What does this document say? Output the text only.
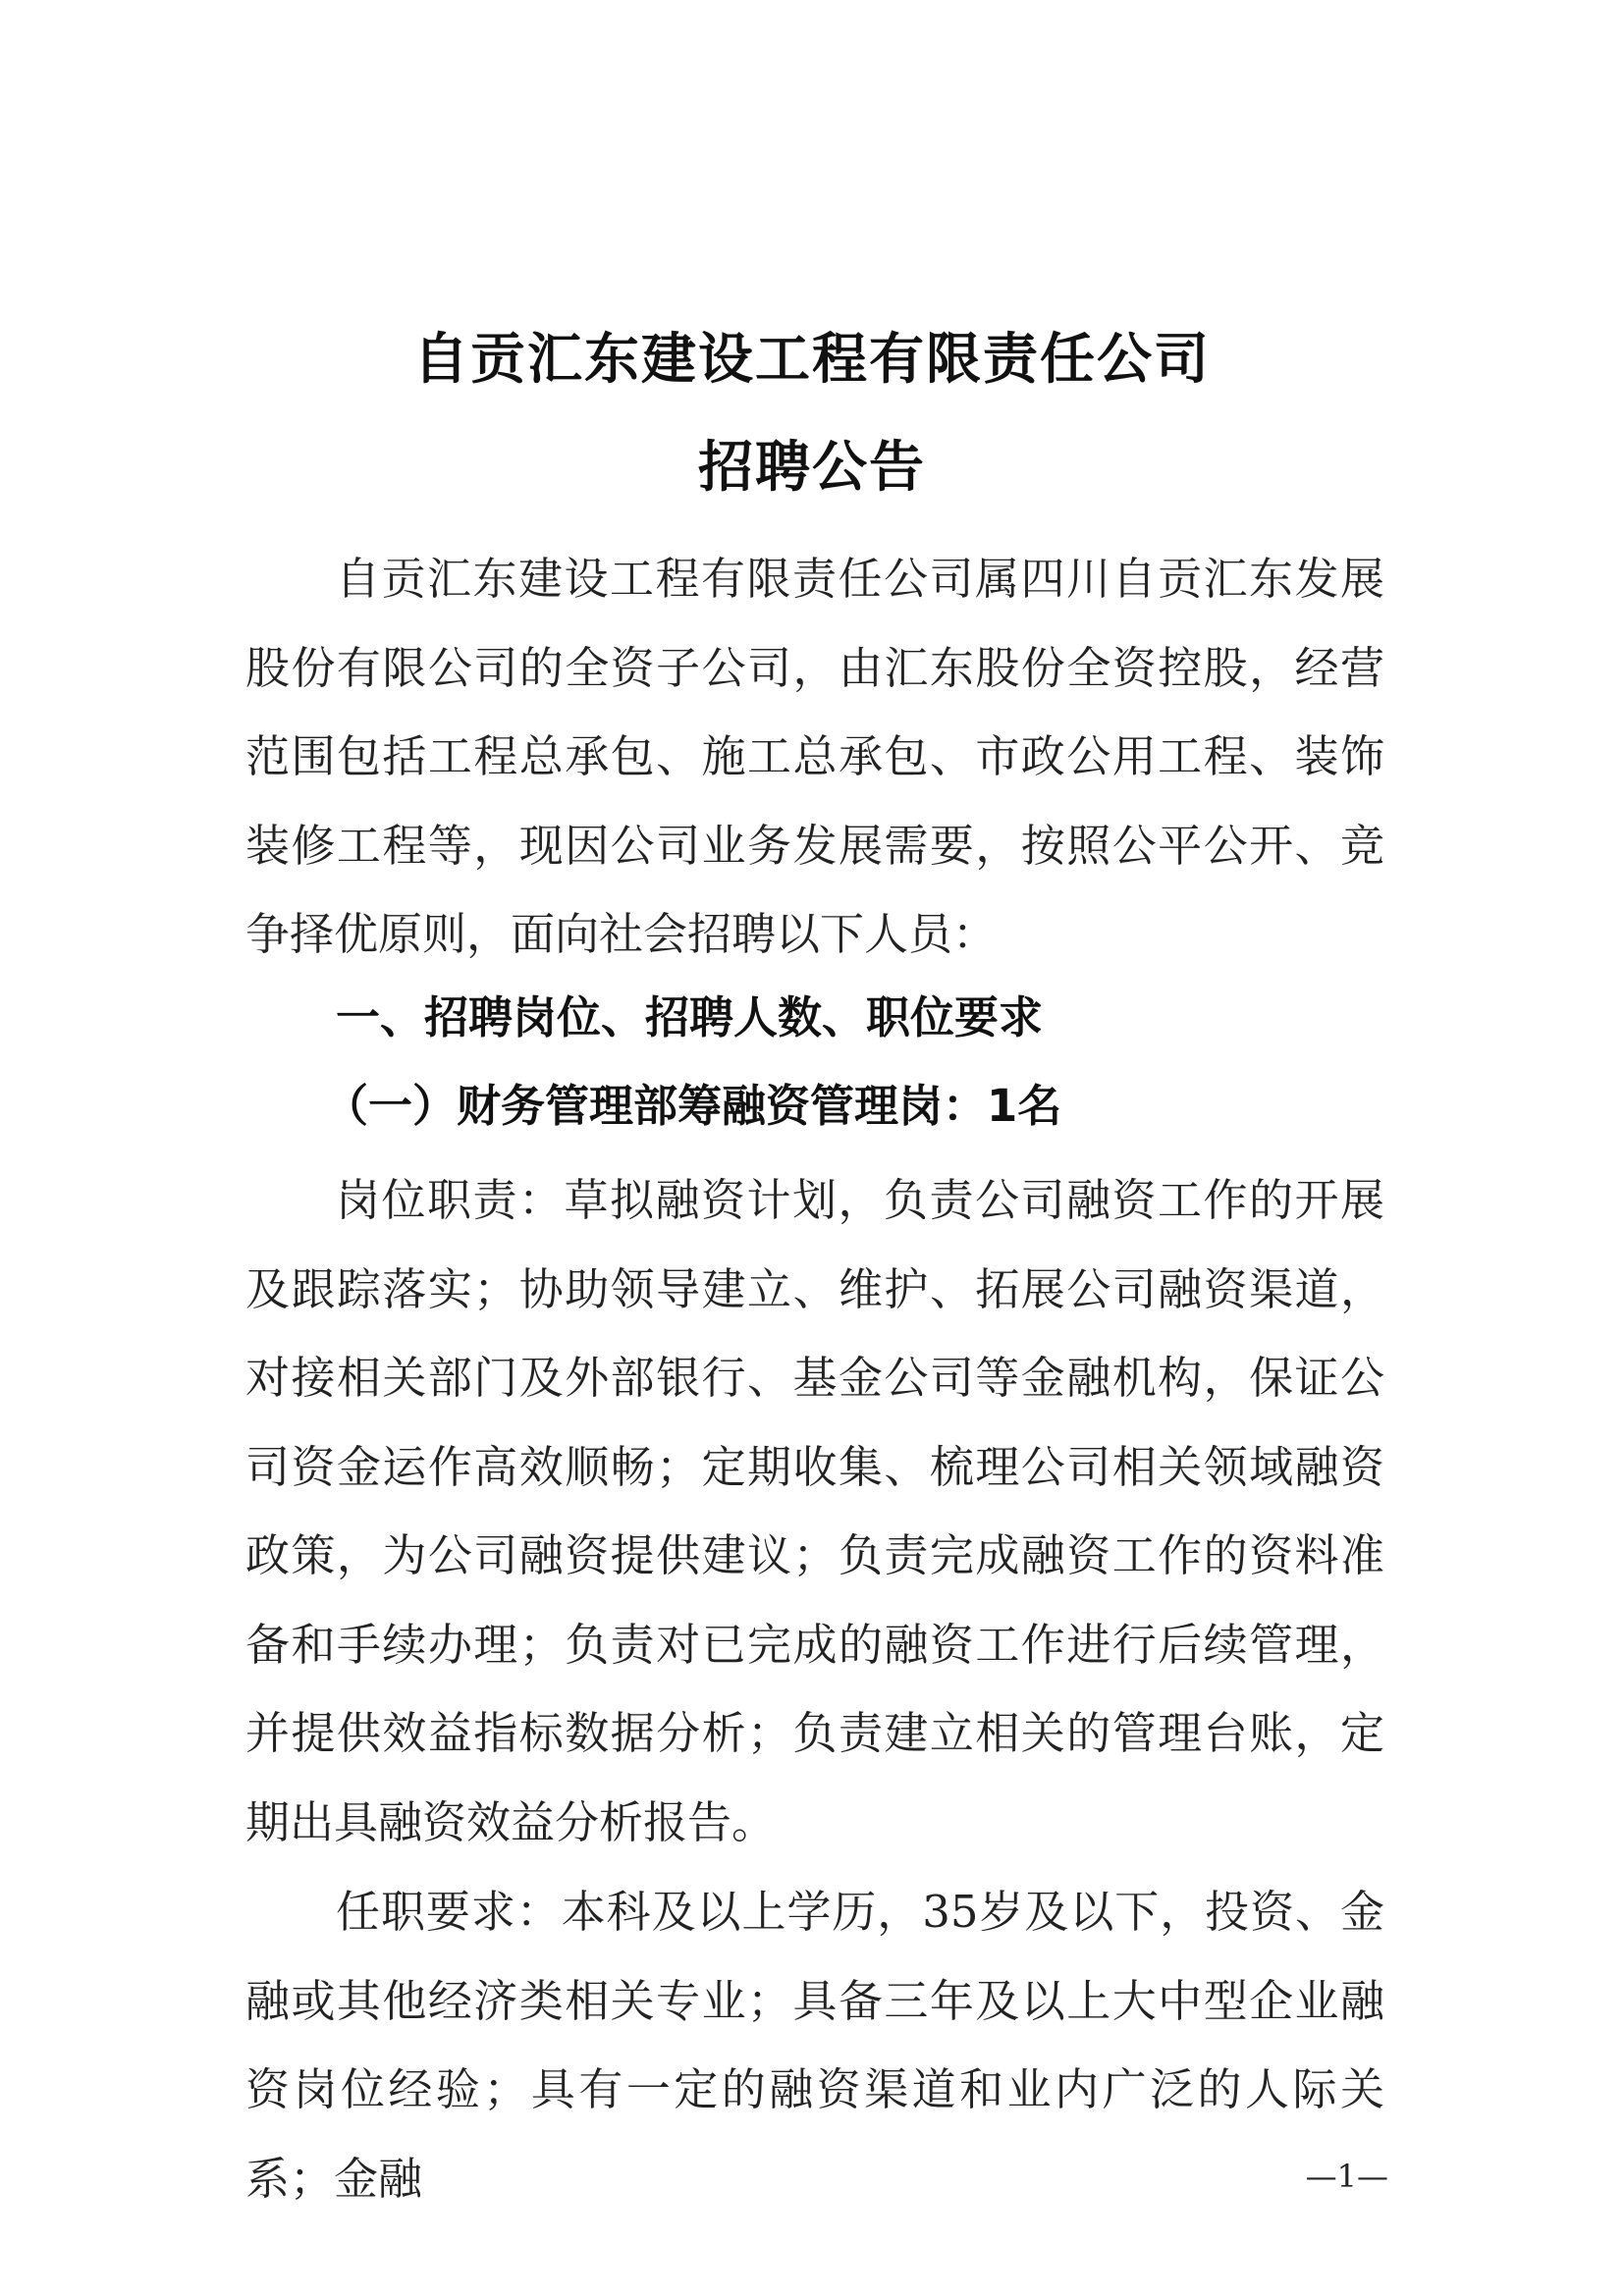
自贡汇东建设工程有限责任公司
招聘公告

自贡汇东建设工程有限责任公司属四川自贡汇东发展股份有限公司的全资子公司，由汇东股份全资控股，经营范围包括工程总承包、施工总承包、市政公用工程、装饰装修工程等，现因公司业务发展需要，按照公平公开、竞争择优原则，面向社会招聘以下人员：

一、招聘岗位、招聘人数、职位要求
（一）财务管理部筹融资管理岗：1名

岗位职责：草拟融资计划，负责公司融资工作的开展及跟踪落实；协助领导建立、维护、拓展公司融资渠道，对接相关部门及外部银行、基金公司等金融机构，保证公司资金运作高效顺畅；定期收集、梳理公司相关领域融资政策，为公司融资提供建议；负责完成融资工作的资料准备和手续办理；负责对已完成的融资工作进行后续管理，并提供效益指标数据分析；负责建立相关的管理台账，定期出具融资效益分析报告。

任职要求：本科及以上学历，35岁及以下，投资、金融或其他经济类相关专业；具备三年及以上大中型企业融资岗位经验；具有一定的融资渠道和业内广泛的人际关系；金融	—1—
